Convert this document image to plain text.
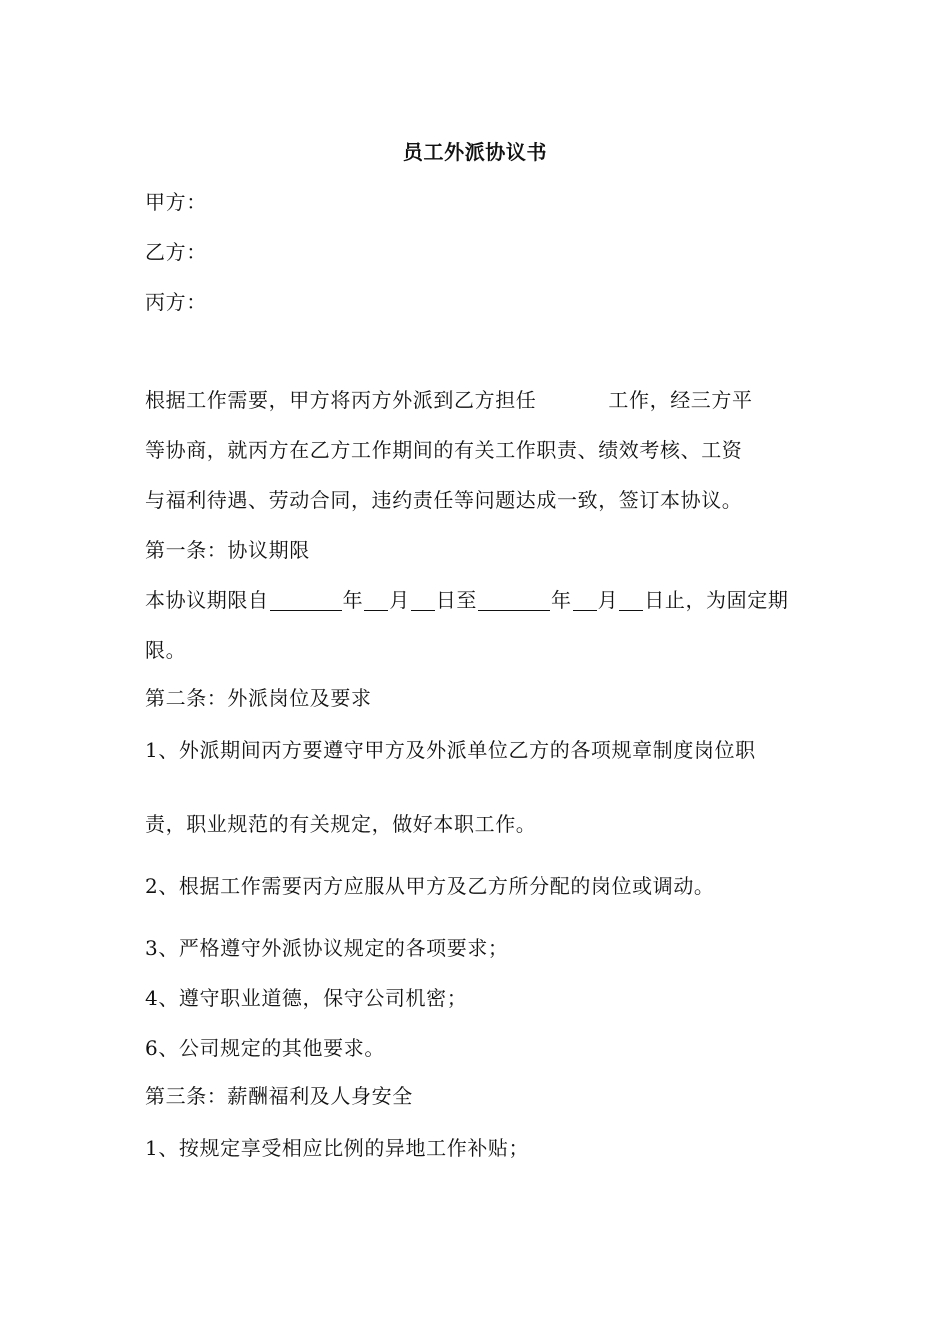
员工外派协议书
甲方：
乙方：
丙方：
根据工作需要，甲方将丙方外派到乙方担任	工作，经三方平
等协商，就丙方在乙方工作期间的有关工作职责、绩效考核、工资
与福利待遇、劳动合同，违约责任等问题达成一致，签订本协议。
第一条：协议期限
本协议期限自	年 月 日至	年 月 日止，为固定期
限。
第二条：外派岗位及要求
1、外派期间丙方要遵守甲方及外派单位乙方的各项规章制度岗位职
责，职业规范的有关规定，做好本职工作。
2、根据工作需要丙方应服从甲方及乙方所分配的岗位或调动。
3、严格遵守外派协议规定的各项要求；
4、遵守职业道德，保守公司机密；
6、公司规定的其他要求。
第三条：薪酬福利及人身安全
1、按规定享受相应比例的异地工作补贴；
